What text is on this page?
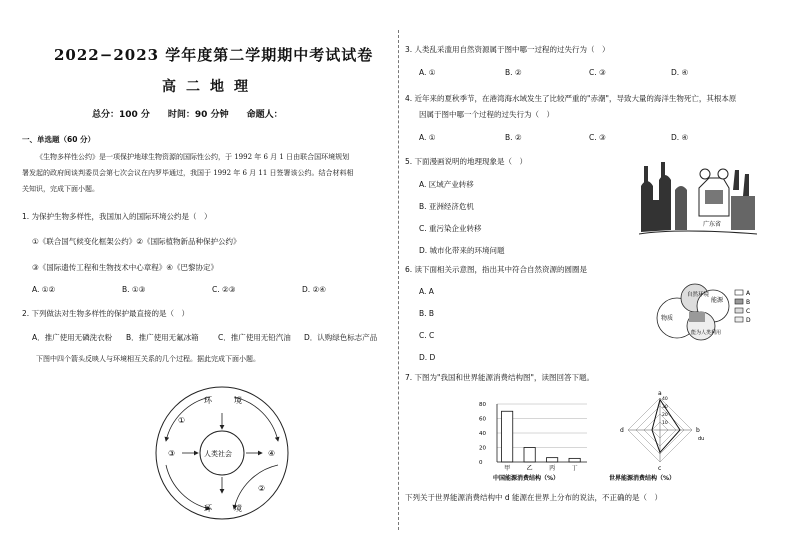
2022−2023 学年度第二学期期中考试试卷
高二地理
总分：100 分　　时间：90 分钟　　命题人：
一、单选题（60 分）
《生物多样性公约》是一项保护地球生物资源的国际性公约，于 1992 年 6 月 1 日由联合国环境规划
署发起的政府间谈判委员会第七次会议在内罗毕通过，我国于 1992 年 6 月 11 日签署该公约。结合材料相
关知识，完成下面小题。
1. 为保护生物多样性，我国加入的国际环境公约是（　）
①《联合国气候变化框架公约》②《国际植物新品种保护公约》
③《国际遗传工程和生物技术中心章程》④《巴黎协定》
A. ①②	B. ①③	C. ②③	D. ②④
2. 下列做法对生物多样性的保护最直接的是（　）
A．推广使用无磷洗衣粉 B．推广使用无氟冰箱	C．推广使用无铅汽油 D．认购绿色标志产品
下图中四个箭头反映人与环境相互关系的几个过程。据此完成下面小题。
环	境
环	境
人类社会
①
②
③	④
3. 人类乱采滥用自然资源属于图中哪一过程的过失行为（　）
A. ①	B. ②	C. ③	D. ④
4. 近年来的夏秋季节，在港湾海水域发生了比较严重的"赤潮"，导致大量的海洋生物死亡，其根本原
因属于图中哪一个过程的过失行为（　）
A. ①	B. ②	C. ③	D. ④
5. 下面漫画说明的地理现象是（　）
A. 区域产业转移
B. 亚洲经济危机
C. 重污染企业转移
D. 城市化带来的环境问题
广东省
6. 读下面相关示意图，指出其中符合自然资源的圆圈是
A. A
B. B
C. C
D. D
自然环境
物质
能源
能为人类利用
A
B
C
D
7. 下图为"我国和世界能源消费结构图"，读图回答下题。
80
60
40
20
0
甲	乙	丙	丁
中国能源消费结构（%）
40
30
20
10
a
b
c
d
du
世界能源消费结构（%）
下列关于世界能源消费结构中 d 能源在世界上分布的说法，不正确的是（　）
